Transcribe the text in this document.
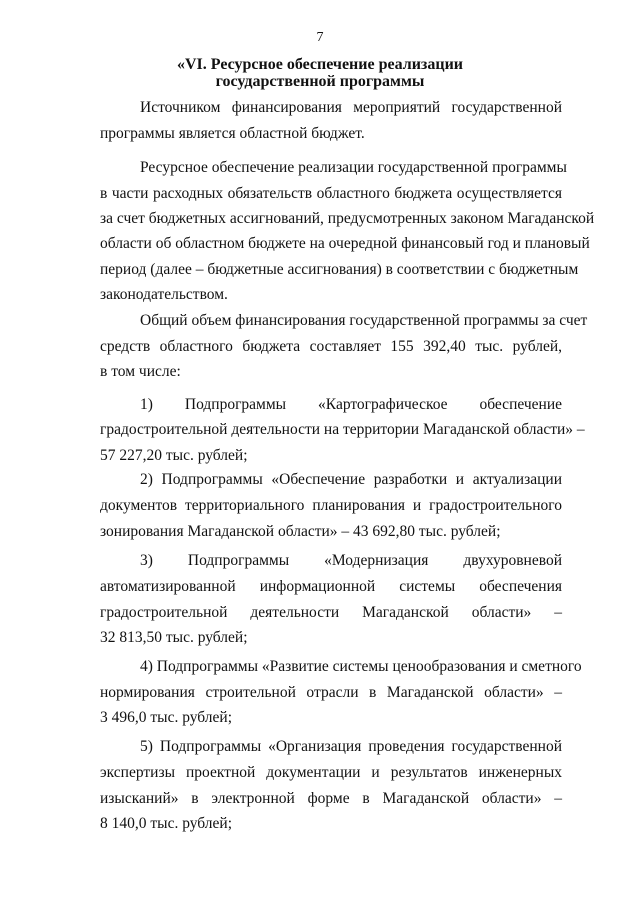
7
«VI. Ресурсное обеспечение реализации
государственной программы
Источником финансирования мероприятий государственной
программы является областной бюджет.
Ресурсное обеспечение реализации государственной программы
в части расходных обязательств областного бюджета осуществляется
за счет бюджетных ассигнований, предусмотренных законом Магаданской
области об областном бюджете на очередной финансовый год и плановый
период (далее – бюджетные ассигнования) в соответствии с бюджетным
законодательством.
Общий объем финансирования государственной программы за счет
средств областного бюджета составляет 155 392,40 тыс. рублей,
в том числе:
1) Подпрограммы «Картографическое обеспечение
градостроительной деятельности на территории Магаданской области» –
57 227,20 тыс. рублей;
2) Подпрограммы «Обеспечение разработки и актуализации
документов территориального планирования и градостроительного
зонирования Магаданской области» – 43 692,80 тыс. рублей;
3) Подпрограммы «Модернизация двухуровневой
автоматизированной информационной системы обеспечения
градостроительной деятельности Магаданской области» –
32 813,50 тыс. рублей;
4) Подпрограммы «Развитие системы ценообразования и сметного
нормирования строительной отрасли в Магаданской области» –
3 496,0 тыс. рублей;
5) Подпрограммы «Организация проведения государственной
экспертизы проектной документации и результатов инженерных
изысканий» в электронной форме в Магаданской области» –
8 140,0 тыс. рублей;
